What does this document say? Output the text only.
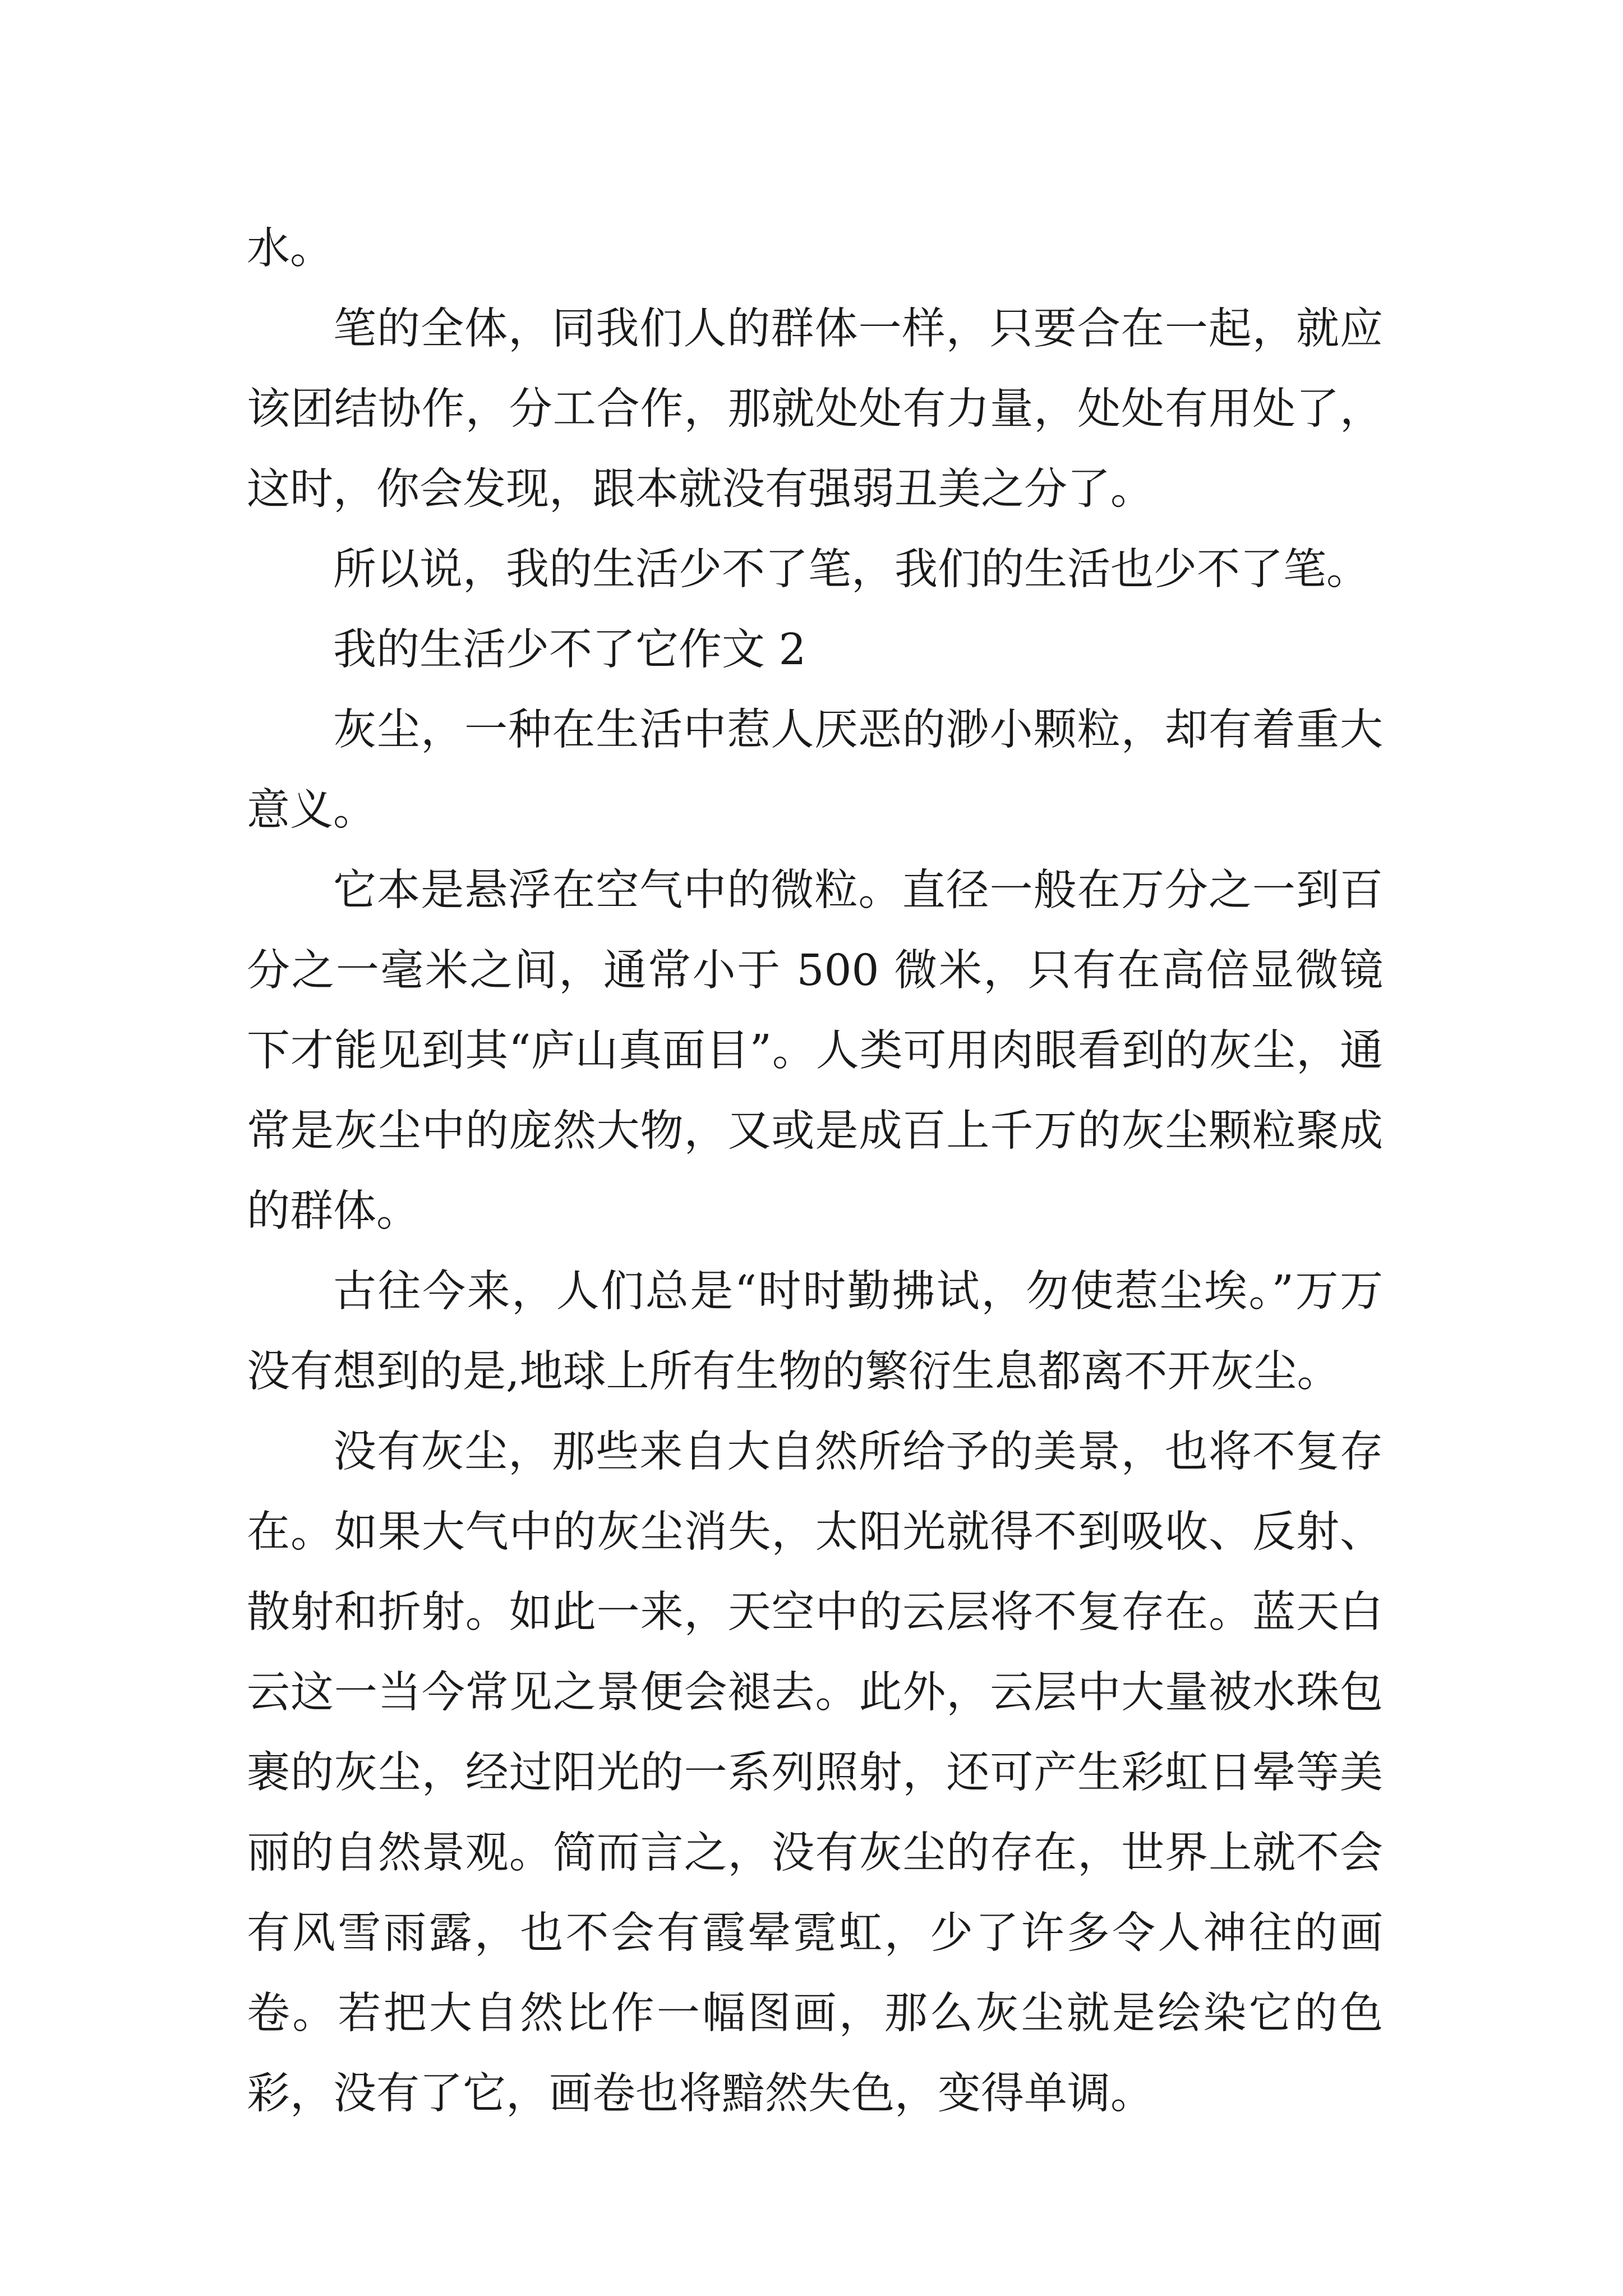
水。

笔的全体，同我们人的群体一样，只要合在一起，就应该团结协作，分工合作，那就处处有力量，处处有用处了，这时，你会发现，跟本就没有强弱丑美之分了。

所以说，我的生活少不了笔，我们的生活也少不了笔。

我的生活少不了它作文 2

灰尘，一种在生活中惹人厌恶的渺小颗粒，却有着重大意义。

它本是悬浮在空气中的微粒。直径一般在万分之一到百分之一毫米之间，通常小于 500 微米，只有在高倍显微镜下才能见到其“庐山真面目”。人类可用肉眼看到的灰尘，通常是灰尘中的庞然大物，又或是成百上千万的灰尘颗粒聚成的群体。

古往今来，人们总是“时时勤拂试，勿使惹尘埃。”万万没有想到的是,地球上所有生物的繁衍生息都离不开灰尘。

没有灰尘，那些来自大自然所给予的美景，也将不复存在。如果大气中的灰尘消失，太阳光就得不到吸收、反射、散射和折射。如此一来，天空中的云层将不复存在。蓝天白云这一当今常见之景便会褪去。此外，云层中大量被水珠包裹的灰尘，经过阳光的一系列照射，还可产生彩虹日晕等美丽的自然景观。简而言之，没有灰尘的存在，世界上就不会有风雪雨露，也不会有霞晕霓虹，少了许多令人神往的画卷。若把大自然比作一幅图画，那么灰尘就是绘染它的色彩，没有了它，画卷也将黯然失色，变得单调。
